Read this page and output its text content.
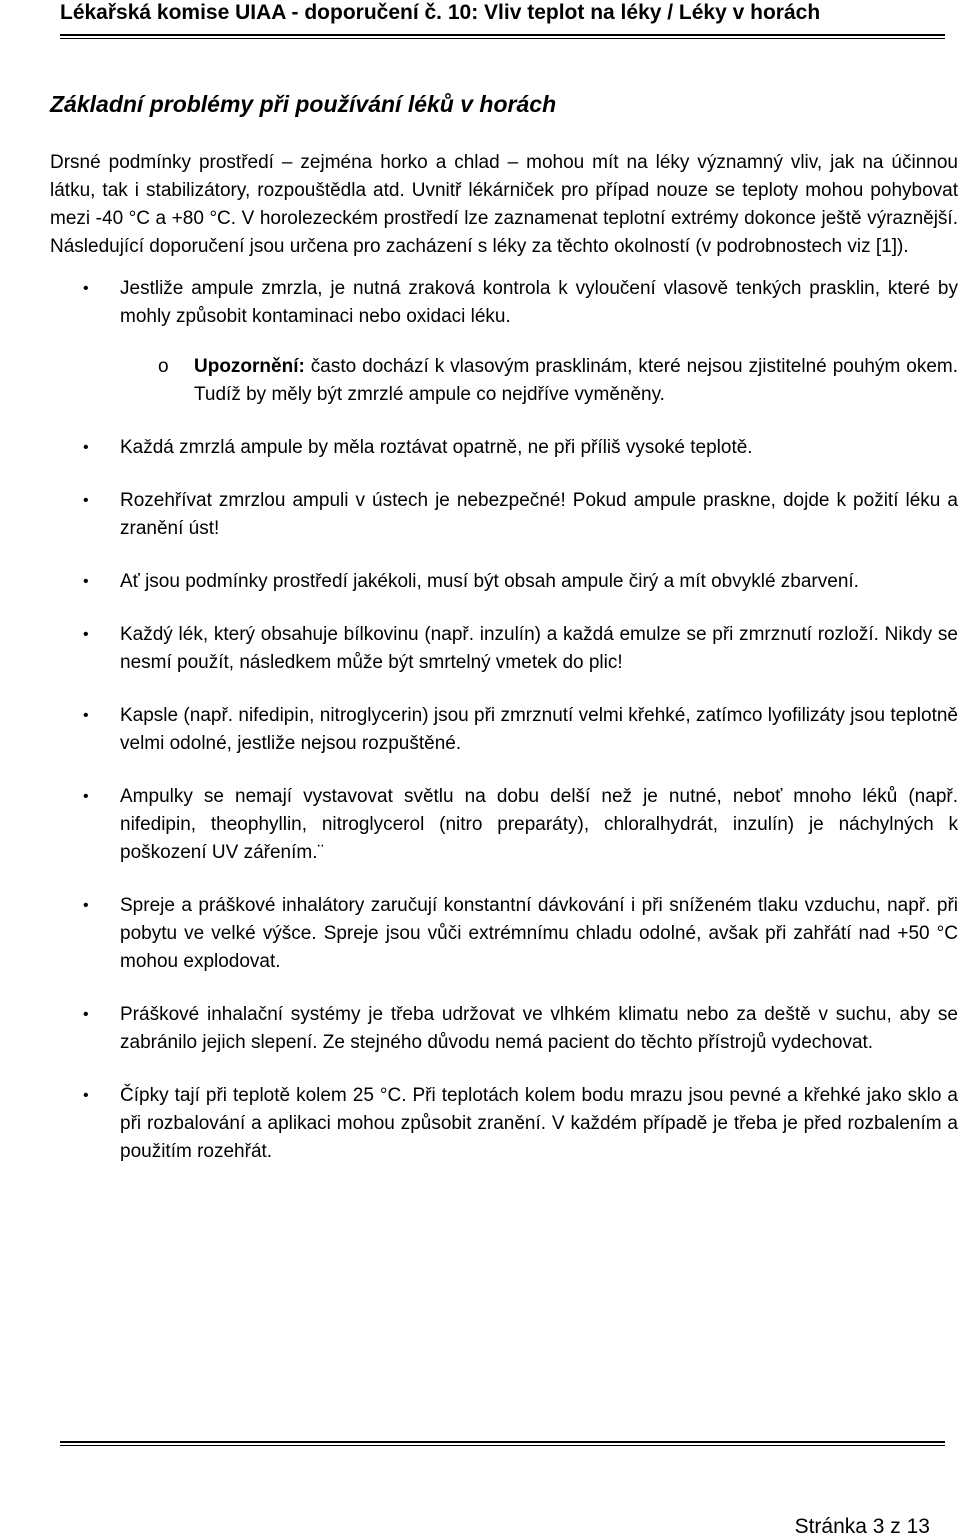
Lékařská komise UIAA - doporučení č. 10: Vliv teplot na léky / Léky v horách
Základní problémy při používání léků v horách

Drsné podmínky prostředí – zejména horko a chlad – mohou mít na léky významný vliv, jak na účinnou látku, tak i stabilizátory, rozpouštědla atd. Uvnitř lékárniček pro případ nouze se teploty mohou pohybovat mezi -40 °C a +80 °C. V horolezeckém prostředí lze zaznamenat teplotní extrémy dokonce ještě výraznější. Následující doporučení jsou určena pro zacházení s léky za těchto okolností (v podrobnostech viz [1]).

• Jestliže ampule zmrzla, je nutná zraková kontrola k vyloučení vlasově tenkých prasklin, které by mohly způsobit kontaminaci nebo oxidaci léku.
o Upozornění: často dochází k vlasovým prasklinám, které nejsou zjistitelné pouhým okem. Tudíž by měly být zmrzlé ampule co nejdříve vyměněny.
• Každá zmrzlá ampule by měla roztávat opatrně, ne při příliš vysoké teplotě.
• Rozehřívat zmrzlou ampuli v ústech je nebezpečné! Pokud ampule praskne, dojde k požití léku a zranění úst!
• Ať jsou podmínky prostředí jakékoli, musí být obsah ampule čirý a mít obvyklé zbarvení.
• Každý lék, který obsahuje bílkovinu (např. inzulín) a každá emulze se při zmrznutí rozloží. Nikdy se nesmí použít, následkem může být smrtelný vmetek do plic!
• Kapsle (např. nifedipin, nitroglycerin) jsou při zmrznutí velmi křehké, zatímco lyofilizáty jsou teplotně velmi odolné, jestliže nejsou rozpuštěné.
• Ampulky se nemají vystavovat světlu na dobu delší než je nutné, neboť mnoho léků (např. nifedipin, theophyllin, nitroglycerol (nitro preparáty), chloralhydrát, inzulín) je náchylných k poškození UV zářením.¨
• Spreje a práškové inhalátory zaručují konstantní dávkování i při sníženém tlaku vzduchu, např. při pobytu ve velké výšce. Spreje jsou vůči extrémnímu chladu odolné, avšak při zahřátí nad +50 °C mohou explodovat.
• Práškové inhalační systémy je třeba udržovat ve vlhkém klimatu nebo za deště v suchu, aby se zabránilo jejich slepení. Ze stejného důvodu nemá pacient do těchto přístrojů vydechovat.
• Čípky tají při teplotě kolem 25 °C. Při teplotách kolem bodu mrazu jsou pevné a křehké jako sklo a při rozbalování a aplikaci mohou způsobit zranění. V každém případě je třeba je před rozbalením a použitím rozehřát.
Stránka 3 z 13
